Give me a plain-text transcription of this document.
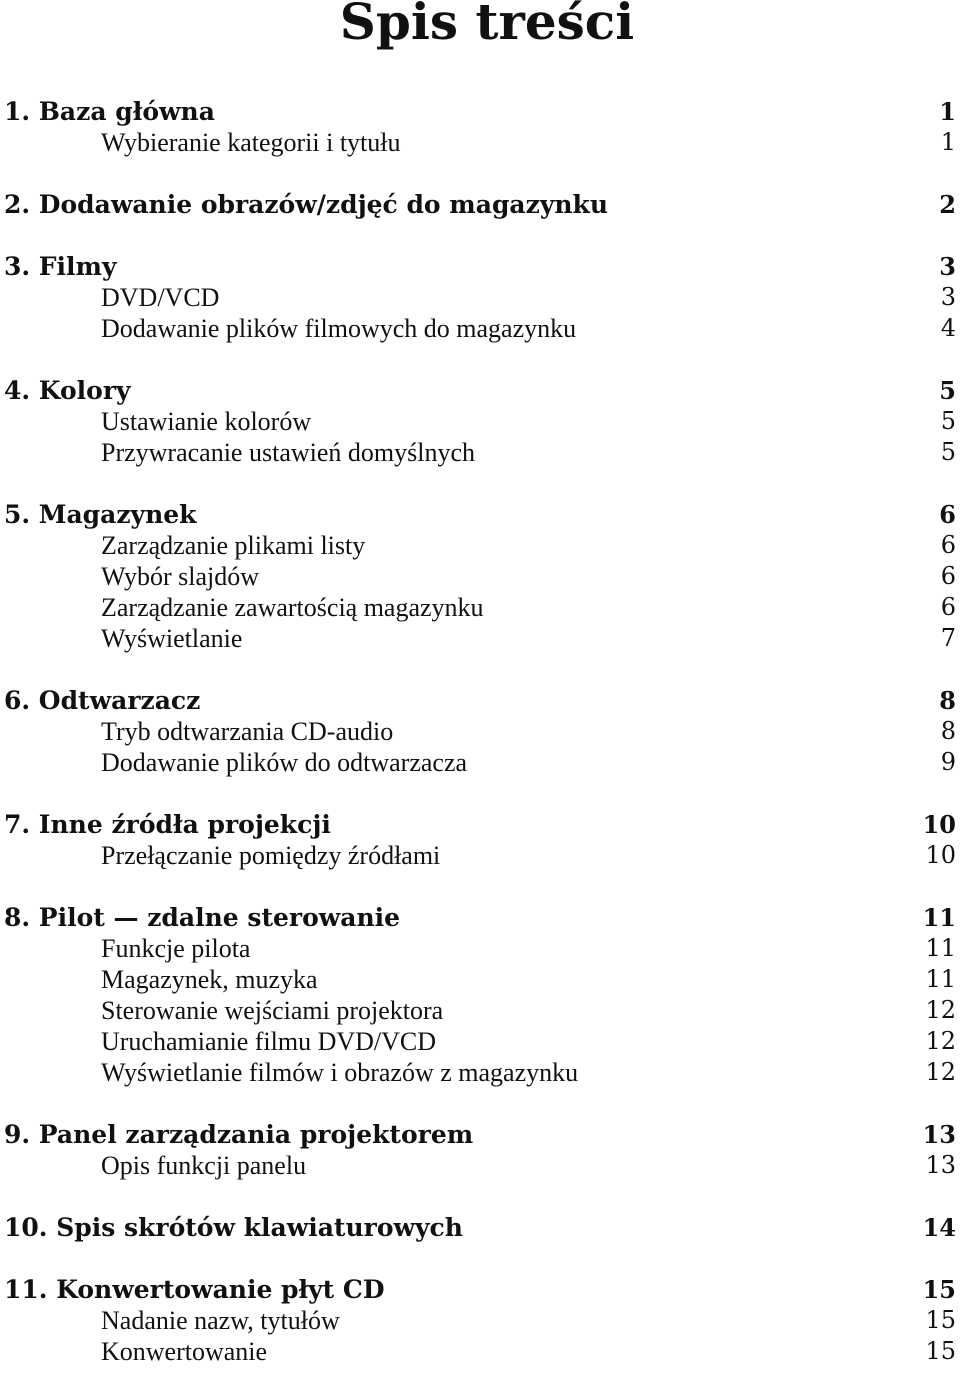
Spis treści
1. Baza główna	1
Wybieranie kategorii i tytułu	1
2. Dodawanie obrazów/zdjęć do magazynku	2
3. Filmy	3
DVD/VCD	3
Dodawanie plików filmowych do magazynku	4
4. Kolory	5
Ustawianie kolorów	5
Przywracanie ustawień domyślnych	5
5. Magazynek	6
Zarządzanie plikami listy	6
Wybór slajdów	6
Zarządzanie zawartością magazynku	6
Wyświetlanie	7
6. Odtwarzacz	8
Tryb odtwarzania CD-audio	8
Dodawanie plików do odtwarzacza	9
7. Inne źródła projekcji	10
Przełączanie pomiędzy źródłami	10
8. Pilot — zdalne sterowanie	11
Funkcje pilota	11
Magazynek, muzyka	11
Sterowanie wejściami projektora	12
Uruchamianie filmu DVD/VCD	12
Wyświetlanie filmów i obrazów z magazynku	12
9. Panel zarządzania projektorem	13
Opis funkcji panelu	13
10. Spis skrótów klawiaturowych	14
11. Konwertowanie płyt CD	15
Nadanie nazw, tytułów	15
Konwertowanie	15
